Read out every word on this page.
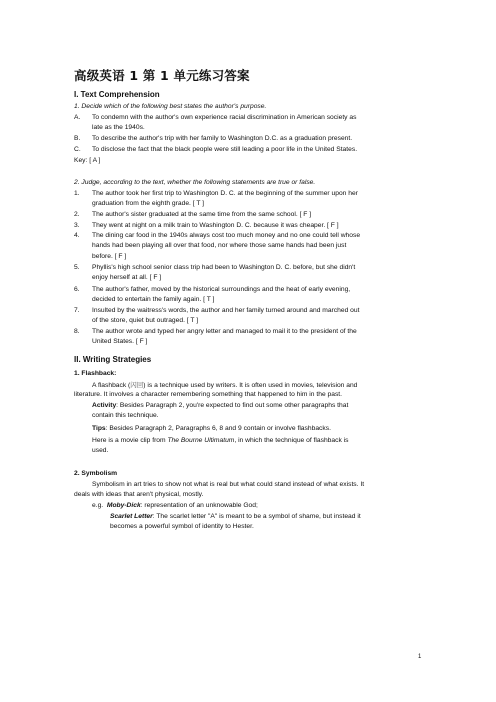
高级英语 1 第 1 单元练习答案
I. Text Comprehension
1. Decide which of the following best states the author's purpose.
A. To condemn with the author's own experience racial discrimination in American society as
late as the 1940s.
B. To describe the author's trip with her family to Washington D.C. as a graduation present.
C. To disclose the fact that the black people were still leading a poor life in the United States.
Key: [ A ]
2. Judge, according to the text, whether the following statements are true or false.
1. The author took her first trip to Washington D. C. at the beginning of the summer upon her
graduation from the eighth grade. [ T ]
2. The author's sister graduated at the same time from the same school. [ F ]
3. They went at night on a milk train to Washington D. C. because it was cheaper. [ F ]
4. The dining car food in the 1940s always cost too much money and no one could tell whose
hands had been playing all over that food, nor where those same hands had been just
before. [ F ]
5. Phyllis's high school senior class trip had been to Washington D. C. before, but she didn't
enjoy herself at all. [ F ]
6. The author's father, moved by the historical surroundings and the heat of early evening,
decided to entertain the family again. [ T ]
7. Insulted by the waitress's words, the author and her family turned around and marched out
of the store, quiet but outraged. [ T ]
8. The author wrote and typed her angry letter and managed to mail it to the president of the
United States. [ F ]
II. Writing Strategies
1. Flashback:
A flashback (闪回) is a technique used by writers. It is often used in movies, television and
literature. It involves a character remembering something that happened to him in the past.
Activity: Besides Paragraph 2, you're expected to find out some other paragraphs that
contain this technique.
Tips: Besides Paragraph 2, Paragraphs 6, 8 and 9 contain or involve flashbacks.
Here is a movie clip from The Bourne Ultimatum, in which the technique of flashback is
used.
2. Symbolism
Symbolism in art tries to show not what is real but what could stand instead of what exists. It
deals with ideas that aren't physical, mostly.
e.g. Moby-Dick: representation of an unknowable God;
Scarlet Letter: The scarlet letter "A" is meant to be a symbol of shame, but instead it
becomes a powerful symbol of identity to Hester.
1
